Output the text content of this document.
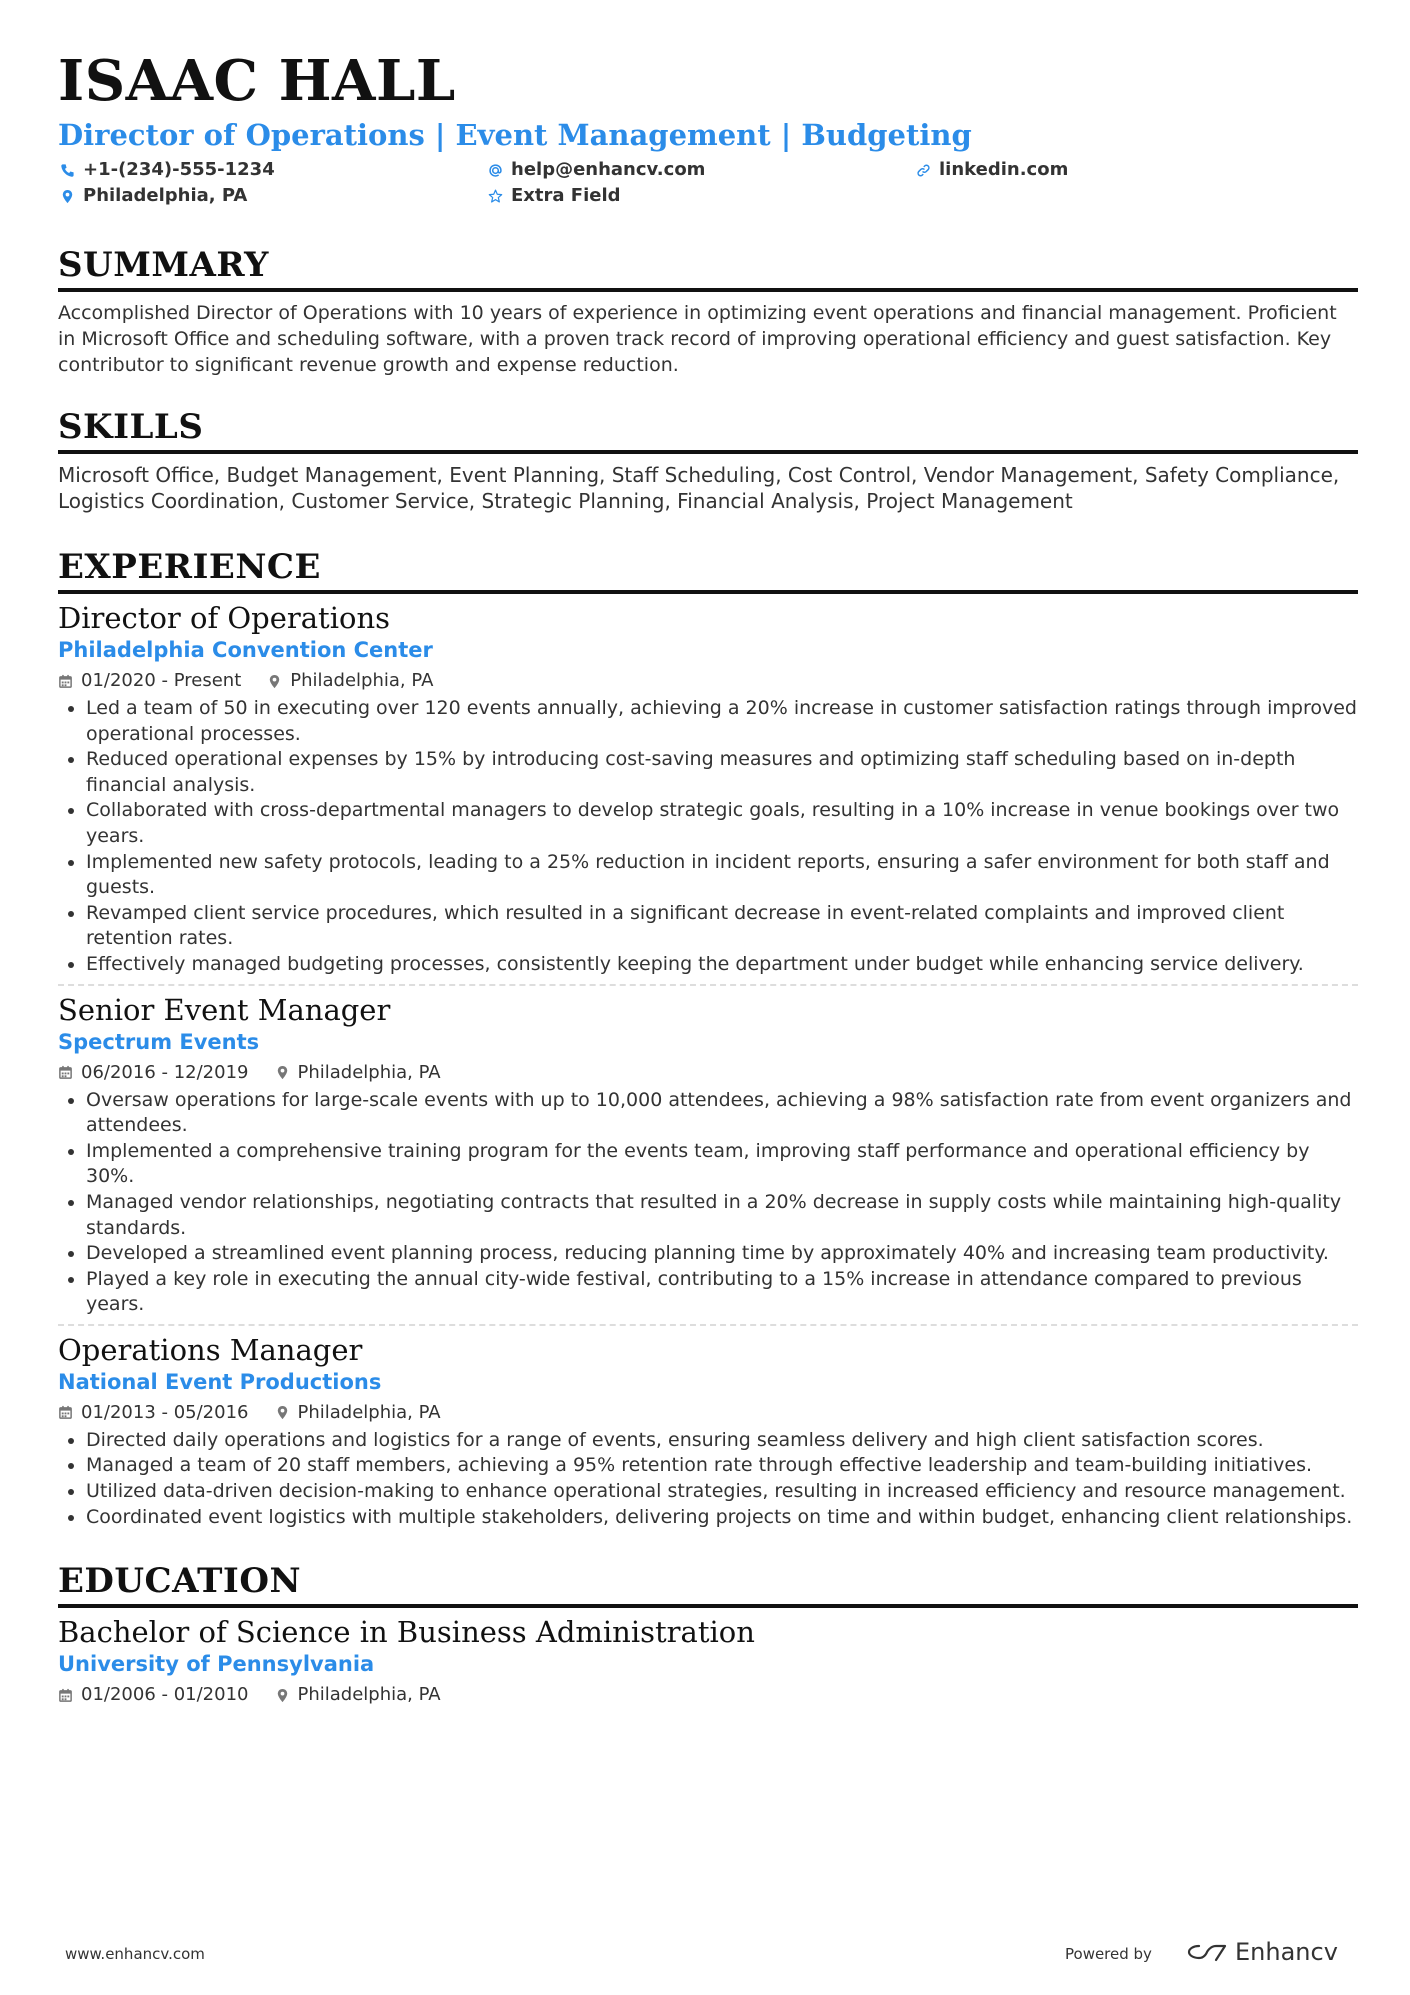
ISAAC HALL
Director of Operations | Event Management | Budgeting
+1-(234)-555-1234	help@enhancv.com	linkedin.com
Philadelphia, PA	Extra Field
SUMMARY
Accomplished Director of Operations with 10 years of experience in optimizing event operations and financial management. Proficient in Microsoft Office and scheduling software, with a proven track record of improving operational efficiency and guest satisfaction. Key contributor to significant revenue growth and expense reduction.
SKILLS
Microsoft Office, Budget Management, Event Planning, Staff Scheduling, Cost Control, Vendor Management, Safety Compliance, Logistics Coordination, Customer Service, Strategic Planning, Financial Analysis, Project Management
EXPERIENCE
Director of Operations
Philadelphia Convention Center
01/2020 - Present	Philadelphia, PA
• Led a team of 50 in executing over 120 events annually, achieving a 20% increase in customer satisfaction ratings through improved operational processes.
• Reduced operational expenses by 15% by introducing cost-saving measures and optimizing staff scheduling based on in-depth financial analysis.
• Collaborated with cross-departmental managers to develop strategic goals, resulting in a 10% increase in venue bookings over two years.
• Implemented new safety protocols, leading to a 25% reduction in incident reports, ensuring a safer environment for both staff and guests.
• Revamped client service procedures, which resulted in a significant decrease in event-related complaints and improved client retention rates.
• Effectively managed budgeting processes, consistently keeping the department under budget while enhancing service delivery.
Senior Event Manager
Spectrum Events
06/2016 - 12/2019	Philadelphia, PA
• Oversaw operations for large-scale events with up to 10,000 attendees, achieving a 98% satisfaction rate from event organizers and attendees.
• Implemented a comprehensive training program for the events team, improving staff performance and operational efficiency by 30%.
• Managed vendor relationships, negotiating contracts that resulted in a 20% decrease in supply costs while maintaining high-quality standards.
• Developed a streamlined event planning process, reducing planning time by approximately 40% and increasing team productivity.
• Played a key role in executing the annual city-wide festival, contributing to a 15% increase in attendance compared to previous years.
Operations Manager
National Event Productions
01/2013 - 05/2016	Philadelphia, PA
• Directed daily operations and logistics for a range of events, ensuring seamless delivery and high client satisfaction scores.
• Managed a team of 20 staff members, achieving a 95% retention rate through effective leadership and team-building initiatives.
• Utilized data-driven decision-making to enhance operational strategies, resulting in increased efficiency and resource management.
• Coordinated event logistics with multiple stakeholders, delivering projects on time and within budget, enhancing client relationships.
EDUCATION
Bachelor of Science in Business Administration
University of Pennsylvania
01/2006 - 01/2010	Philadelphia, PA
www.enhancv.com	Powered by	Enhancv
